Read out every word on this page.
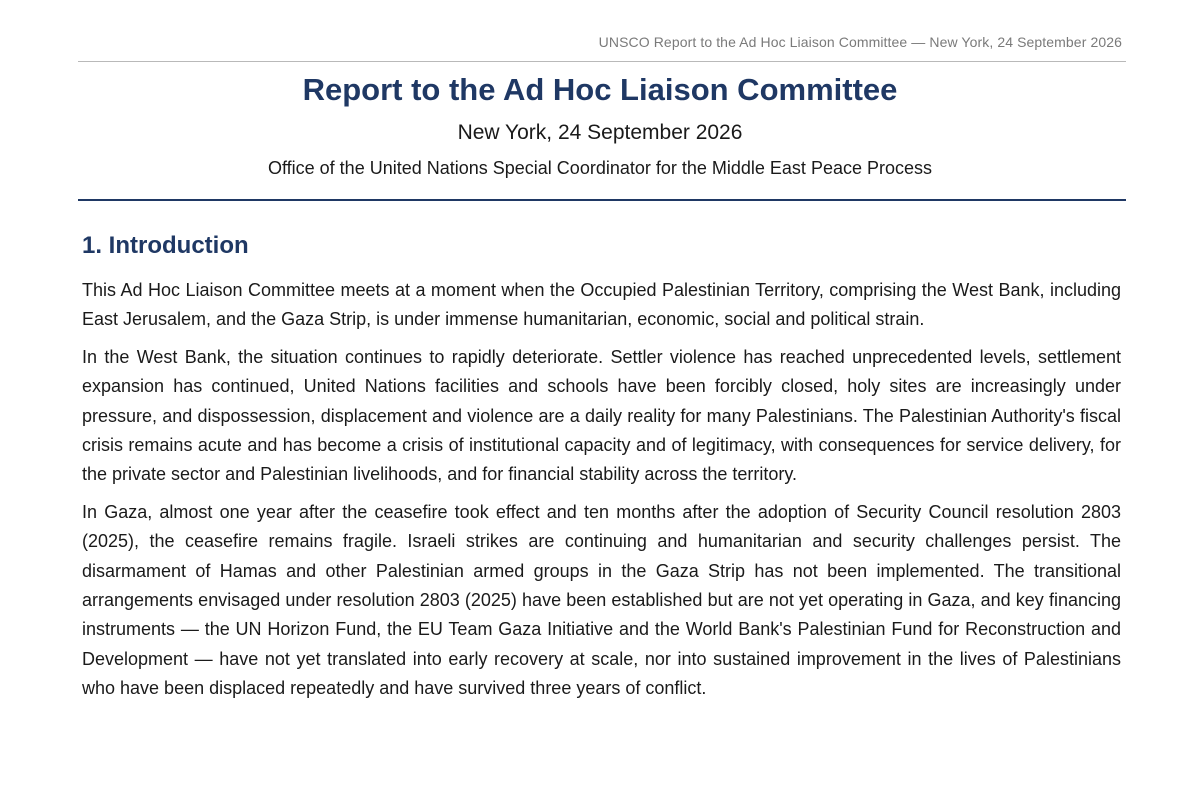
UNSCO Report to the Ad Hoc Liaison Committee — New York, 24 September 2026
Report to the Ad Hoc Liaison Committee
New York, 24 September 2026
Office of the United Nations Special Coordinator for the Middle East Peace Process
1. Introduction

This Ad Hoc Liaison Committee meets at a moment when the Occupied Palestinian Territory, comprising the West Bank, including East Jerusalem, and the Gaza Strip, is under immense humanitarian, economic, social and political strain.

In the West Bank, the situation continues to rapidly deteriorate. Settler violence has reached unprecedented levels, settlement expansion has continued, United Nations facilities and schools have been forcibly closed, holy sites are increasingly under pressure, and dispossession, displacement and violence are a daily reality for many Palestinians. The Palestinian Authority's fiscal crisis remains acute and has become a crisis of institutional capacity and of legitimacy, with consequences for service delivery, for the private sector and Palestinian livelihoods, and for financial stability across the territory.

In Gaza, almost one year after the ceasefire took effect and ten months after the adoption of Security Council resolution 2803 (2025), the ceasefire remains fragile. Israeli strikes are continuing and humanitarian and security challenges persist. The disarmament of Hamas and other Palestinian armed groups in the Gaza Strip has not been implemented. The transitional arrangements envisaged under resolution 2803 (2025) have been established but are not yet operating in Gaza, and key financing instruments — the UN Horizon Fund, the EU Team Gaza Initiative and the World Bank's Palestinian Fund for Reconstruction and Development — have not yet translated into early recovery at scale, nor into sustained improvement in the lives of Palestinians who have been displaced repeatedly and have survived three years of conflict.
